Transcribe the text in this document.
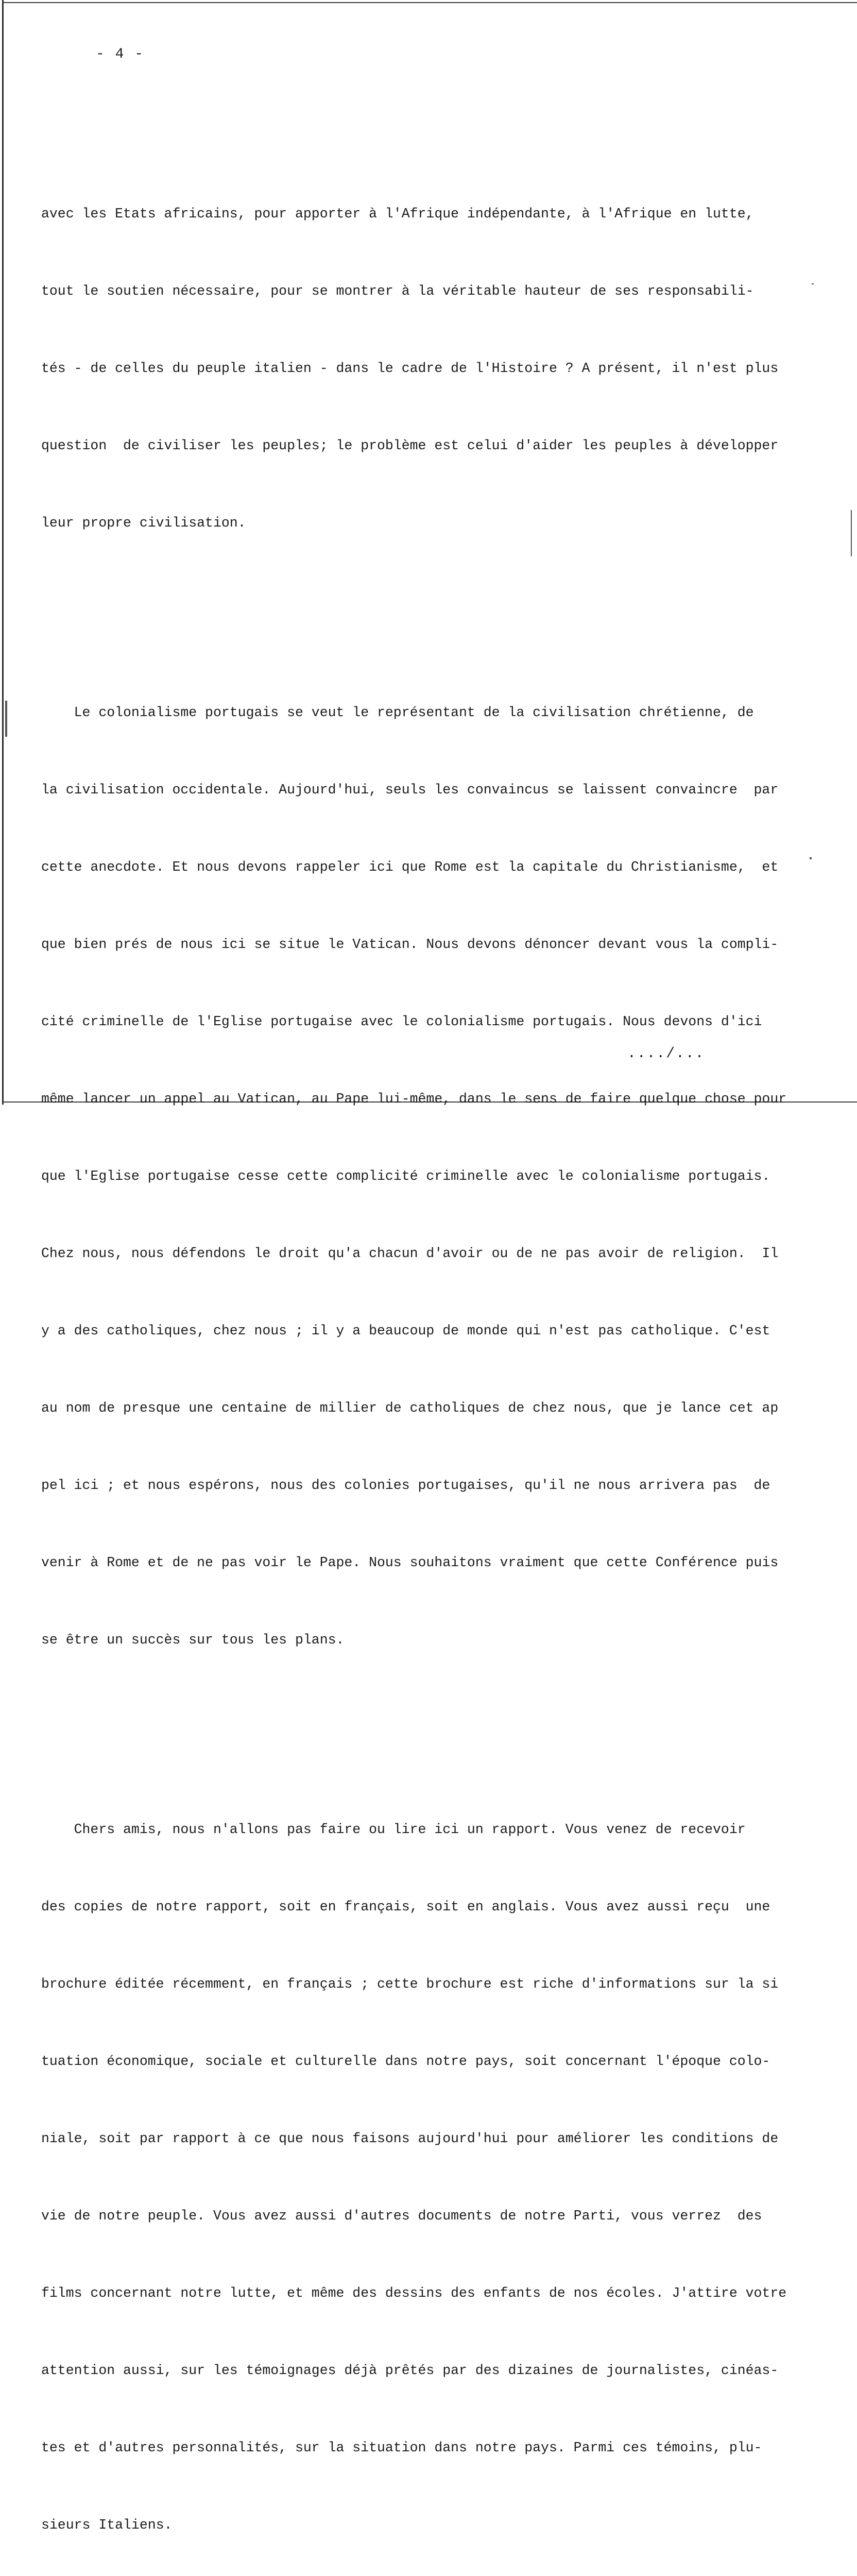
- 4 -

avec les Etats africains, pour apporter à l'Afrique indépendante, à l'Afrique en lutte,

tout le soutien nécessaire, pour se montrer à la véritable hauteur de ses responsabili-

tés - de celles du peuple italien - dans le cadre de l'Histoire ? A présent, il n'est plus

question  de civiliser les peuples; le problème est celui d'aider les peuples à développer

leur propre civilisation.

Le colonialisme portugais se veut le représentant de la civilisation chrétienne, de

la civilisation occidentale. Aujourd'hui, seuls les convaincus se laissent convaincre  par

cette anecdote. Et nous devons rappeler ici que Rome est la capitale du Christianisme,  et

que bien prés de nous ici se situe le Vatican. Nous devons dénoncer devant vous la compli-

cité criminelle de l'Eglise portugaise avec le colonialisme portugais. Nous devons d'ici

même lancer un appel au Vatican, au Pape lui-même, dans le sens de faire quelque chose pour

que l'Eglise portugaise cesse cette complicité criminelle avec le colonialisme portugais.

Chez nous, nous défendons le droit qu'a chacun d'avoir ou de ne pas avoir de religion.  Il

y a des catholiques, chez nous ; il y a beaucoup de monde qui n'est pas catholique. C'est

au nom de presque une centaine de millier de catholiques de chez nous, que je lance cet ap

pel ici ; et nous espérons, nous des colonies portugaises, qu'il ne nous arrivera pas  de

venir à Rome et de ne pas voir le Pape. Nous souhaitons vraiment que cette Conférence puis

se être un succès sur tous les plans.

Chers amis, nous n'allons pas faire ou lire ici un rapport. Vous venez de recevoir

des copies de notre rapport, soit en français, soit en anglais. Vous avez aussi reçu  une

brochure éditée récemment, en français ; cette brochure est riche d'informations sur la si

tuation économique, sociale et culturelle dans notre pays, soit concernant l'époque colo-

niale, soit par rapport à ce que nous faisons aujourd'hui pour améliorer les conditions de

vie de notre peuple. Vous avez aussi d'autres documents de notre Parti, vous verrez  des

films concernant notre lutte, et même des dessins des enfants de nos écoles. J'attire votre

attention aussi, sur les témoignages déjà prêtés par des dizaines de journalistes, cinéas-

tes et d'autres personnalités, sur la situation dans notre pays. Parmi ces témoins, plu-

sieurs Italiens.

..../...
